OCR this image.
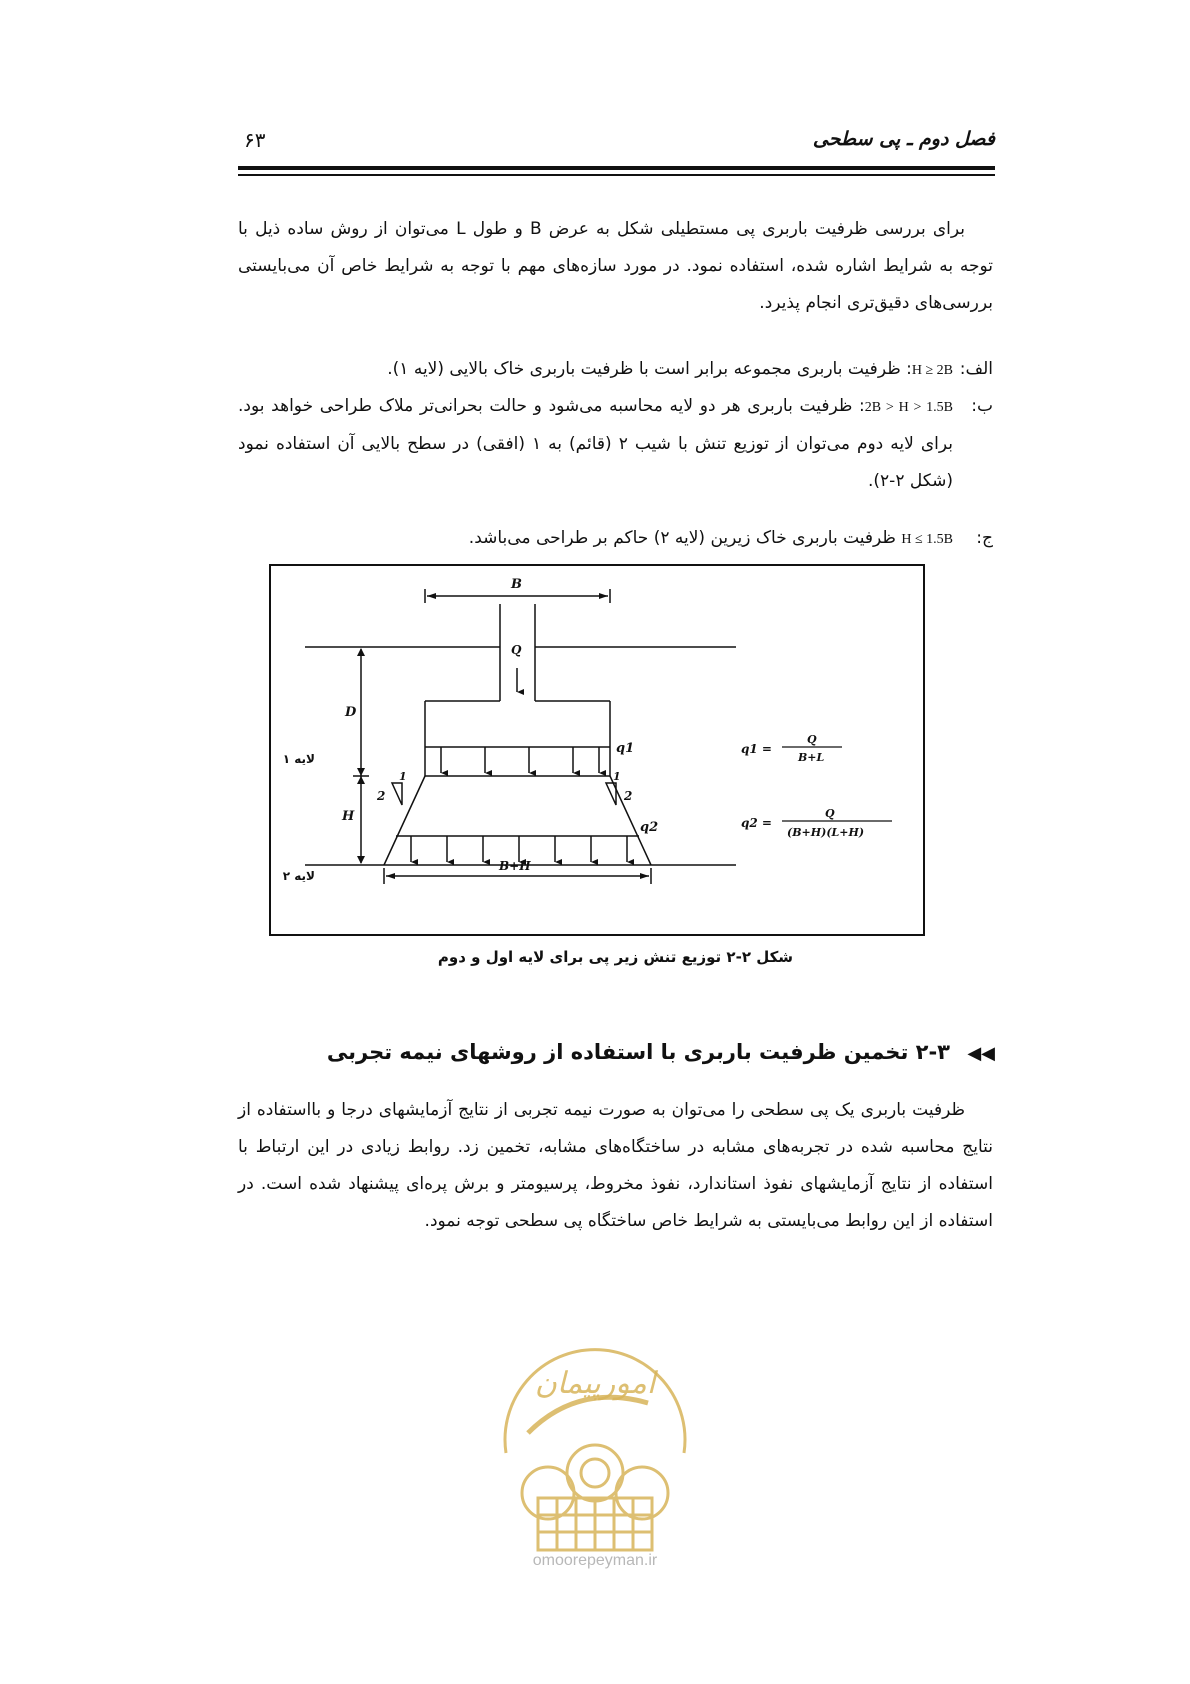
۶۳	فصل دوم ـ پی سطحی

برای بررسی ظرفیت باربری پی مستطیلی شکل به عرض B و طول L می‌توان از روش ساده ذیل با توجه به شرایط اشاره شده، استفاده نمود. در مورد سازه‌های مهم با توجه به شرایط خاص آن می‌بایستی بررسی‌های دقیق‌تری انجام پذیرد.

الف:
H ≥ 2B: ظرفیت باربری مجموعه برابر است با ظرفیت باربری خاک بالایی (لایه ۱).
ب:
2B > H > 1.5B: ظرفیت باربری هر دو لایه محاسبه می‌شود و حالت بحرانی‌تر ملاک طراحی خواهد بود. برای لایه دوم می‌توان از توزیع تنش با شیب ۲ (قائم) به ۱ (افقی) در سطح بالایی آن استفاده نمود (شکل ۲-۲).
ج:
H ≤ 1.5B ظرفیت باربری خاک زیرین (لایه ۲) حاکم بر طراحی می‌باشد.
B
Q
D
H
q1
q2
B+H
1
2
1
2
لایه ۱
لایه ۲
q1 =
Q
B+L
q2 =
Q
(B+H)(L+H)
شکل ۲-۲ توزیع تنش زیر پی برای لایه اول و دوم
◀◀ ۲-۳ تخمین ظرفیت باربری با استفاده از روشهای نیمه تجربی

ظرفیت باربری یک پی سطحی را می‌توان به صورت نیمه تجربی از نتایج آزمایشهای درجا و بااستفاده از نتایج محاسبه شده در تجربه‌های مشابه در ساختگاه‌های مشابه، تخمین زد. روابط زیادی در این ارتباط با استفاده از نتایج آزمایشهای نفوذ استاندارد، نفوذ مخروط، پرسیومتر و برش پره‌ای پیشنهاد شده است. در استفاده از این روابط می‌بایستی به شرایط خاص ساختگاه پی سطحی توجه نمود.

امورپیمان
omoorepeyman.ir
